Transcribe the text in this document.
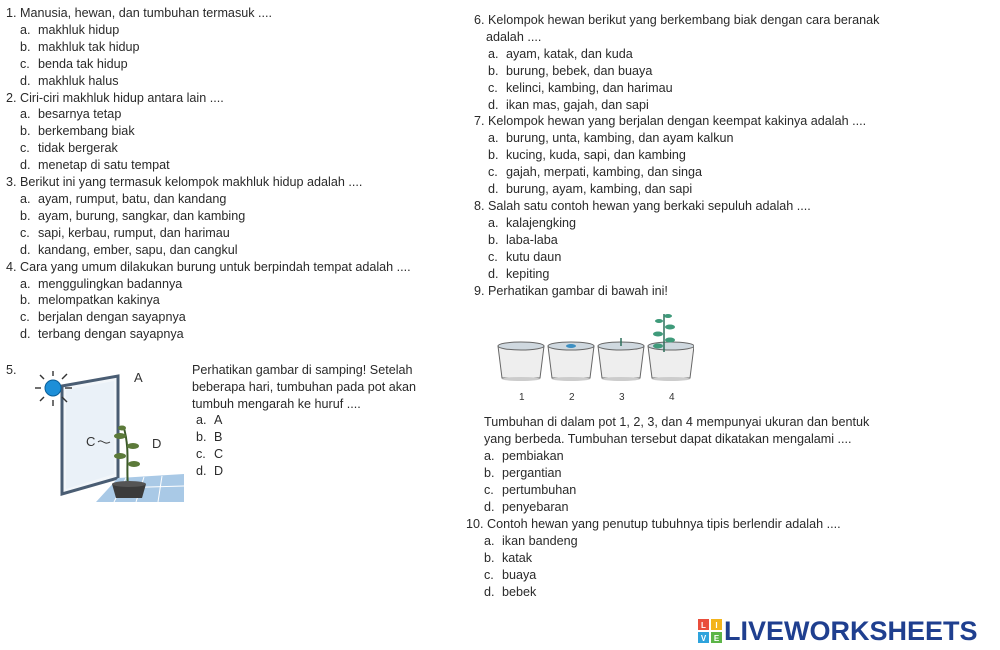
1. Manusia, hewan, dan tumbuhan termasuk ....
a. makhluk hidup
b. makhluk tak hidup
c. benda tak hidup
d. makhluk halus
2. Ciri-ciri makhluk hidup antara lain ....
a. besarnya tetap
b. berkembang biak
c. tidak bergerak
d. menetap di satu tempat
3. Berikut ini yang termasuk kelompok makhluk hidup adalah ....
a. ayam, rumput, batu, dan kandang
b. ayam, burung, sangkar, dan kambing
c. sapi, kerbau, rumput, dan harimau
d. kandang, ember, sapu, dan cangkul
4. Cara yang umum dilakukan burung untuk berpindah tempat adalah ....
a. menggulingkan badannya
b. melompatkan kakinya
c. berjalan dengan sayapnya
d. terbang dengan sayapnya
5.
C
A
D
Perhatikan gambar di samping! Setelah
beberapa hari, tumbuhan pada pot akan
tumbuh mengarah ke huruf ....
a. A
b. B
c. C
d. D
6. Kelompok hewan berikut yang berkembang biak dengan cara beranak
adalah ....
a. ayam, katak, dan kuda
b. burung, bebek, dan buaya
c. kelinci, kambing, dan harimau
d. ikan mas, gajah, dan sapi
7. Kelompok hewan yang berjalan dengan keempat kakinya adalah ....
a. burung, unta, kambing, dan ayam kalkun
b. kucing, kuda, sapi, dan kambing
c. gajah, merpati, kambing, dan singa
d. burung, ayam, kambing, dan sapi
8. Salah satu contoh hewan yang berkaki sepuluh adalah ....
a. kalajengking
b. laba-laba
c. kutu daun
d. kepiting
9. Perhatikan gambar di bawah ini!
1	2	3	4
Tumbuhan di dalam pot 1, 2, 3, dan 4 mempunyai ukuran dan bentuk
yang berbeda. Tumbuhan tersebut dapat dikatakan mengalami ....
a. pembiakan
b. pergantian
c. pertumbuhan
d. penyebaran
10. Contoh hewan yang penutup tubuhnya tipis berlendir adalah ....
a. ikan bandeng
b. katak
c. buaya
d. bebek
L I
V E LIVEWORKSHEETS
